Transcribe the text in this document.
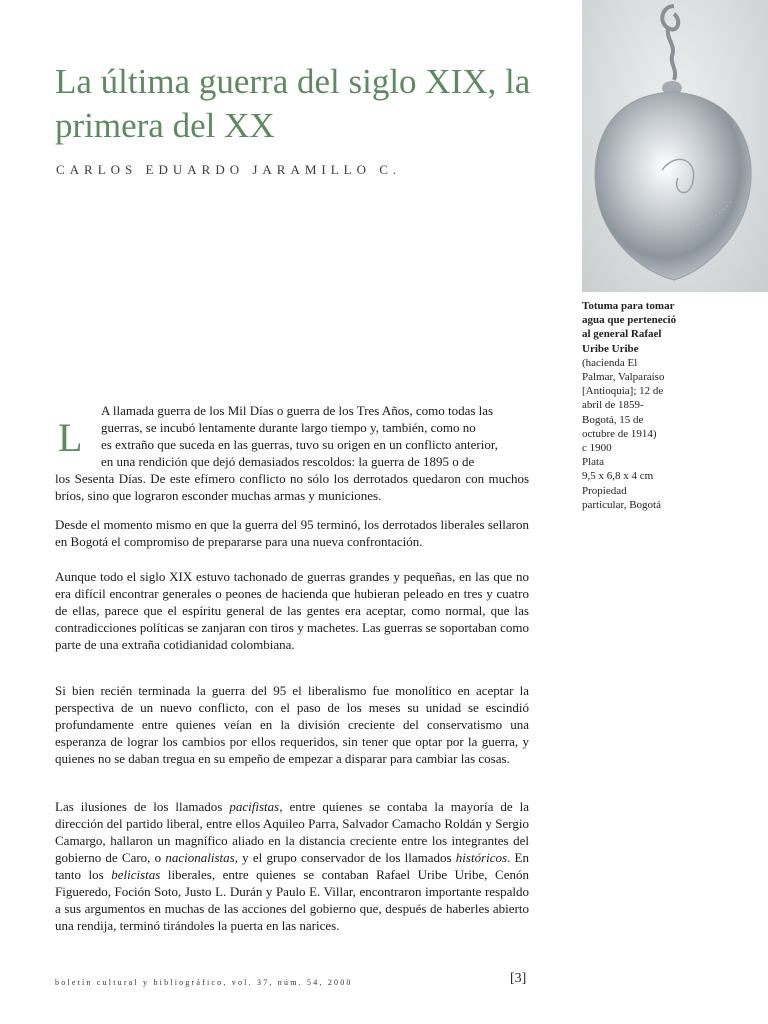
La última guerra del siglo XIX, la primera del XX
CARLOS EDUARDO JARAMILLO C.
Totuma para tomar
agua que perteneció
al general Rafael
Uribe Uribe
(hacienda El
Palmar, Valparaíso
[Antioquia]; 12 de
abril de 1859-
Bogotá, 15 de
octubre de 1914)
c 1900
Plata
9,5 x 6,8 x 4 cm
Propiedad
particular, Bogotá
L

A llamada guerra de los Mil Días o guerra de los Tres Años, como todas las
guerras, se incubó lentamente durante largo tiempo y, también, como no
es extraño que suceda en las guerras, tuvo su origen en un conflicto anterior,
en una rendición que dejó demasiados rescoldos: la guerra de 1895 o de
los Sesenta Días. De este efímero conflicto no sólo los derrotados quedaron con muchos bríos, sino que lograron esconder muchas armas y municiones.

Desde el momento mismo en que la guerra del 95 terminó, los derrotados liberales sellaron en Bogotá el compromiso de prepararse para una nueva confrontación.

Aunque todo el siglo XIX estuvo tachonado de guerras grandes y pequeñas, en las que no era difícil encontrar generales o peones de hacienda que hubieran peleado en tres y cuatro de ellas, parece que el espíritu general de las gentes era aceptar, como normal, que las contradicciones políticas se zanjaran con tiros y machetes. Las guerras se soportaban como parte de una extraña cotidianidad colombiana.

Si bien recién terminada la guerra del 95 el liberalismo fue monolítico en aceptar la perspectiva de un nuevo conflicto, con el paso de los meses su unidad se escindió profundamente entre quienes veían en la división creciente del conservatismo una esperanza de lograr los cambios por ellos requeridos, sin tener que optar por la guerra, y quienes no se daban tregua en su empeño de empezar a disparar para cambiar las cosas.

Las ilusiones de los llamados pacifistas, entre quienes se contaba la mayoría de la dirección del partido liberal, entre ellos Aquileo Parra, Salvador Camacho Roldán y Sergio Camargo, hallaron un magnífico aliado en la distancia creciente entre los integrantes del gobierno de Caro, o nacionalistas, y el grupo conservador de los llamados históricos. En tanto los belicistas liberales, entre quienes se contaban Rafael Uribe Uribe, Cenón Figueredo, Foción Soto, Justo L. Durán y Paulo E. Villar, encontraron importante respaldo a sus argumentos en muchas de las acciones del gobierno que, después de haberles abierto una rendija, terminó tirándoles la puerta en las narices.

boletín cultural y bibliográfico, vol. 37, núm. 54, 2000	[3]
